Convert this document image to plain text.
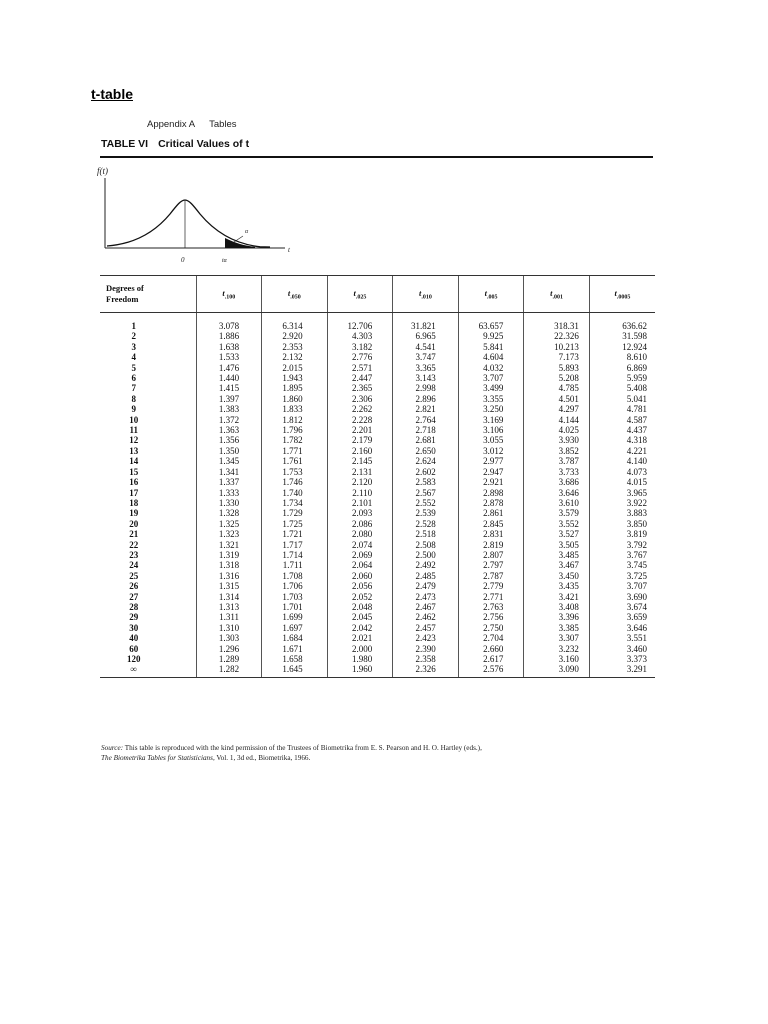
t-table
Appendix A Tables
TABLE VI Critical Values of t
f(t)
α
t
0	tα
Degrees of
Freedom	$t_{.100}$	$t_{.050}$	$t_{.025}$	$t_{.010}$	$t_{.005}$	$t_{.001}$	$t_{.0005}$
1	3.078	6.314	12.706	31.821	63.657	318.31	636.62
2	1.886	2.920	4.303	6.965	9.925	22.326	31.598
3	1.638	2.353	3.182	4.541	5.841	10.213	12.924
4	1.533	2.132	2.776	3.747	4.604	7.173	8.610
5	1.476	2.015	2.571	3.365	4.032	5.893	6.869
6	1.440	1.943	2.447	3.143	3.707	5.208	5.959
7	1.415	1.895	2.365	2.998	3.499	4.785	5.408
8	1.397	1.860	2.306	2.896	3.355	4.501	5.041
9	1.383	1.833	2.262	2.821	3.250	4.297	4.781
10	1.372	1.812	2.228	2.764	3.169	4.144	4.587
11	1.363	1.796	2.201	2.718	3.106	4.025	4.437
12	1.356	1.782	2.179	2.681	3.055	3.930	4.318
13	1.350	1.771	2.160	2.650	3.012	3.852	4.221
14	1.345	1.761	2.145	2.624	2.977	3.787	4.140
15	1.341	1.753	2.131	2.602	2.947	3.733	4.073
16	1.337	1.746	2.120	2.583	2.921	3.686	4.015
17	1.333	1.740	2.110	2.567	2.898	3.646	3.965
18	1.330	1.734	2.101	2.552	2.878	3.610	3.922
19	1.328	1.729	2.093	2.539	2.861	3.579	3.883
20	1.325	1.725	2.086	2.528	2.845	3.552	3.850
21	1.323	1.721	2.080	2.518	2.831	3.527	3.819
22	1.321	1.717	2.074	2.508	2.819	3.505	3.792
23	1.319	1.714	2.069	2.500	2.807	3.485	3.767
24	1.318	1.711	2.064	2.492	2.797	3.467	3.745
25	1.316	1.708	2.060	2.485	2.787	3.450	3.725
26	1.315	1.706	2.056	2.479	2.779	3.435	3.707
27	1.314	1.703	2.052	2.473	2.771	3.421	3.690
28	1.313	1.701	2.048	2.467	2.763	3.408	3.674
29	1.311	1.699	2.045	2.462	2.756	3.396	3.659
30	1.310	1.697	2.042	2.457	2.750	3.385	3.646
40	1.303	1.684	2.021	2.423	2.704	3.307	3.551
60	1.296	1.671	2.000	2.390	2.660	3.232	3.460
120	1.289	1.658	1.980	2.358	2.617	3.160	3.373
∞	1.282	1.645	1.960	2.326	2.576	3.090	3.291
Source: This table is reproduced with the kind permission of the Trustees of Biometrika from E. S. Pearson and H. O. Hartley (eds.),
The Biometrika Tables for Statisticians, Vol. 1, 3d ed., Biometrika, 1966.
